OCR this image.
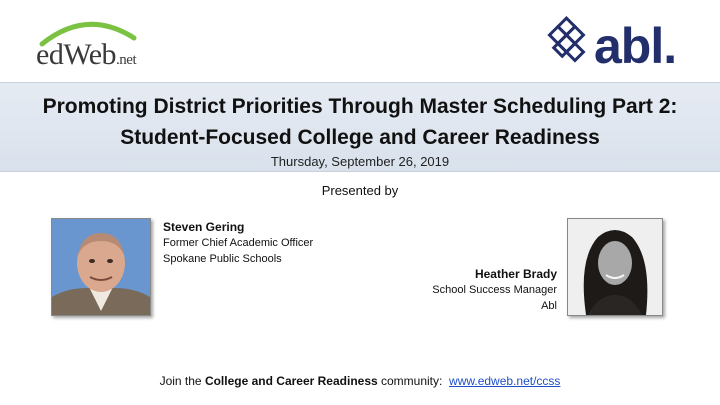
edWeb.net	abl.
Promoting District Priorities Through Master Scheduling Part 2:
Student-Focused College and Career Readiness
Thursday, September 26, 2019
Presented by
Steven Gering
Former Chief Academic Officer
Spokane Public Schools
Heather Brady
School Success Manager
Abl
Join the College and Career Readiness community:  www.edweb.net/ccss
